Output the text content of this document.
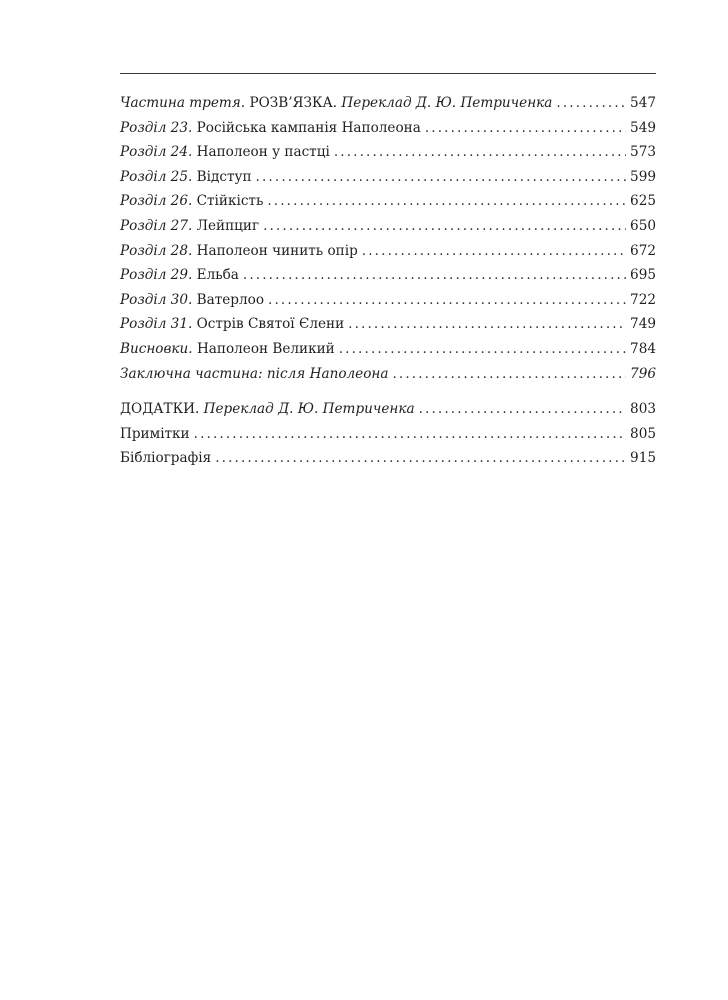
Частина третя.
РОЗВ’ЯЗКА.
Переклад Д. Ю. Петриченка . . .	547
Розділ 23.
Російська кампанія Наполеона . . .	549
Розділ 24.
Наполеон у пастці . . .	573
Розділ 25.
Відступ . . .	599
Розділ 26.
Стійкість . . .	625
Розділ 27.
Лейпциг . . .	650
Розділ 28.
Наполеон чинить опір . . .	672
Розділ 29.
Ельба . . .	695
Розділ 30.
Ватерлоо . . .	722
Розділ 31.
Острів Святої Єлени . . .	749
Висновки.
Наполеон Великий . . .	784
Заключна частина: після Наполеона . . .	796
ДОДАТКИ.
Переклад Д. Ю. Петриченка . . .	803
Примітки . . .	805
Бібліографія . . .	915
